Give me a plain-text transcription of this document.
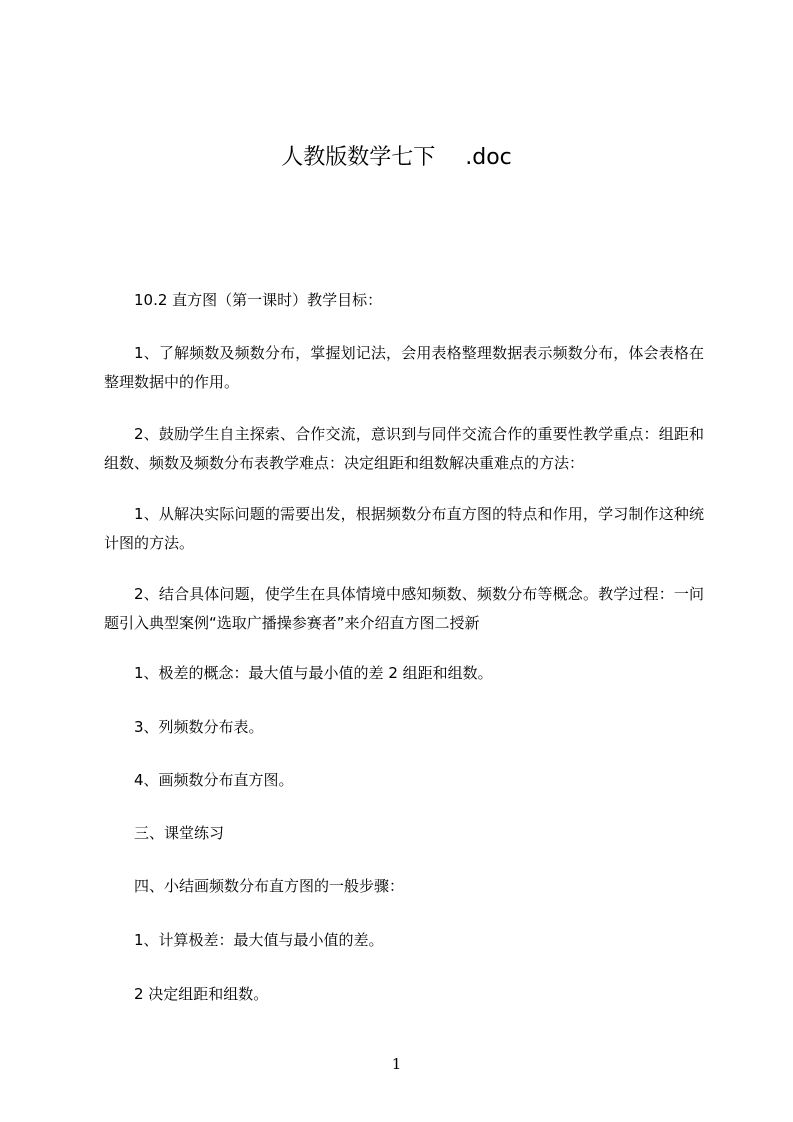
人教版数学七下 .doc

10.2 直方图（第一课时）教学目标：

1、了解频数及频数分布，掌握划记法，会用表格整理数据表示频数分布，体会表格在整理数据中的作用。

2、鼓励学生自主探索、合作交流，意识到与同伴交流合作的重要性教学重点：组距和组数、频数及频数分布表教学难点：决定组距和组数解决重难点的方法：

1、从解决实际问题的需要出发，根据频数分布直方图的特点和作用，学习制作这种统计图的方法。

2、结合具体问题，使学生在具体情境中感知频数、频数分布等概念。教学过程：一问题引入典型案例“选取广播操参赛者”来介绍直方图二授新

1、极差的概念：最大值与最小值的差 2 组距和组数。

3、列频数分布表。

4、画频数分布直方图。

三、课堂练习

四、小结画频数分布直方图的一般步骤：

1、计算极差：最大值与最小值的差。

2 决定组距和组数。

1
